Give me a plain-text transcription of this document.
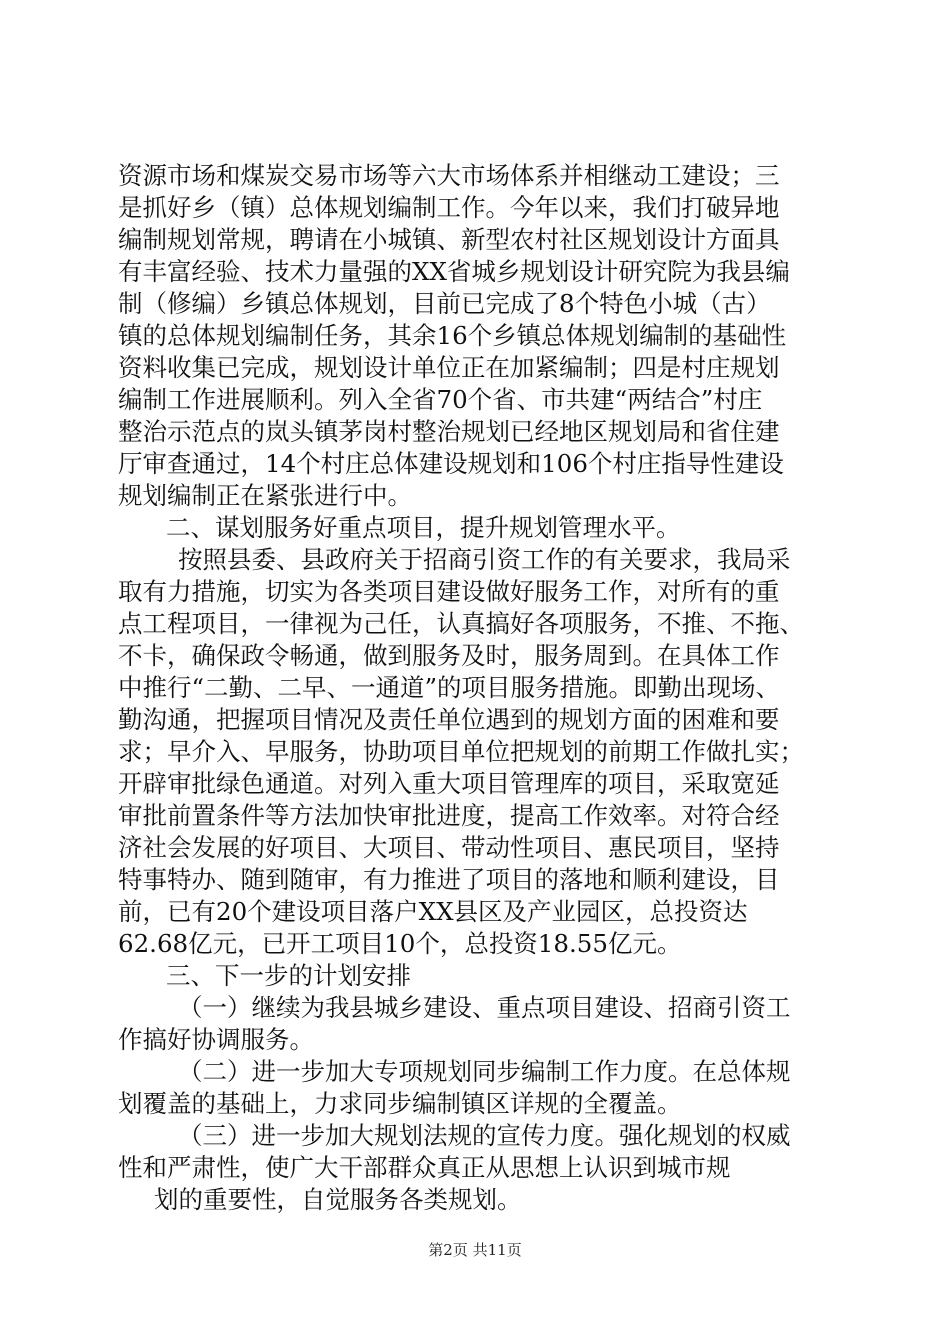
资源市场和煤炭交易市场等六大市场体系并相继动工建设；三
是抓好乡（镇）总体规划编制工作。今年以来，我们打破异地
编制规划常规，聘请在小城镇、新型农村社区规划设计方面具
有丰富经验、技术力量强的XX省城乡规划设计研究院为我县编
制（修编）乡镇总体规划，目前已完成了8个特色小城（古）
镇的总体规划编制任务，其余16个乡镇总体规划编制的基础性
资料收集已完成，规划设计单位正在加紧编制；四是村庄规划
编制工作进展顺利。列入全省70个省、市共建“两结合”村庄
整治示范点的岚头镇茅岗村整治规划已经地区规划局和省住建
厅审查通过，14个村庄总体建设规划和106个村庄指导性建设
规划编制正在紧张进行中。
二、谋划服务好重点项目，提升规划管理水平。
按照县委、县政府关于招商引资工作的有关要求，我局采
取有力措施，切实为各类项目建设做好服务工作，对所有的重
点工程项目，一律视为己任，认真搞好各项服务，不推、不拖、
不卡，确保政令畅通，做到服务及时，服务周到。在具体工作
中推行“二勤、二早、一通道”的项目服务措施。即勤出现场、
勤沟通，把握项目情况及责任单位遇到的规划方面的困难和要
求；早介入、早服务，协助项目单位把规划的前期工作做扎实；
开辟审批绿色通道。对列入重大项目管理库的项目，采取宽延
审批前置条件等方法加快审批进度，提高工作效率。对符合经
济社会发展的好项目、大项目、带动性项目、惠民项目，坚持
特事特办、随到随审，有力推进了项目的落地和顺利建设，目
前，已有20个建设项目落户XX县区及产业园区，总投资达
62.68亿元，已开工项目10个，总投资18.55亿元。
三、下一步的计划安排
（一）继续为我县城乡建设、重点项目建设、招商引资工
作搞好协调服务。
（二）进一步加大专项规划同步编制工作力度。在总体规
划覆盖的基础上，力求同步编制镇区详规的全覆盖。
（三）进一步加大规划法规的宣传力度。强化规划的权威
性和严肃性，使广大干部群众真正从思想上认识到城市规
划的重要性，自觉服务各类规划。
第2页 共11页
